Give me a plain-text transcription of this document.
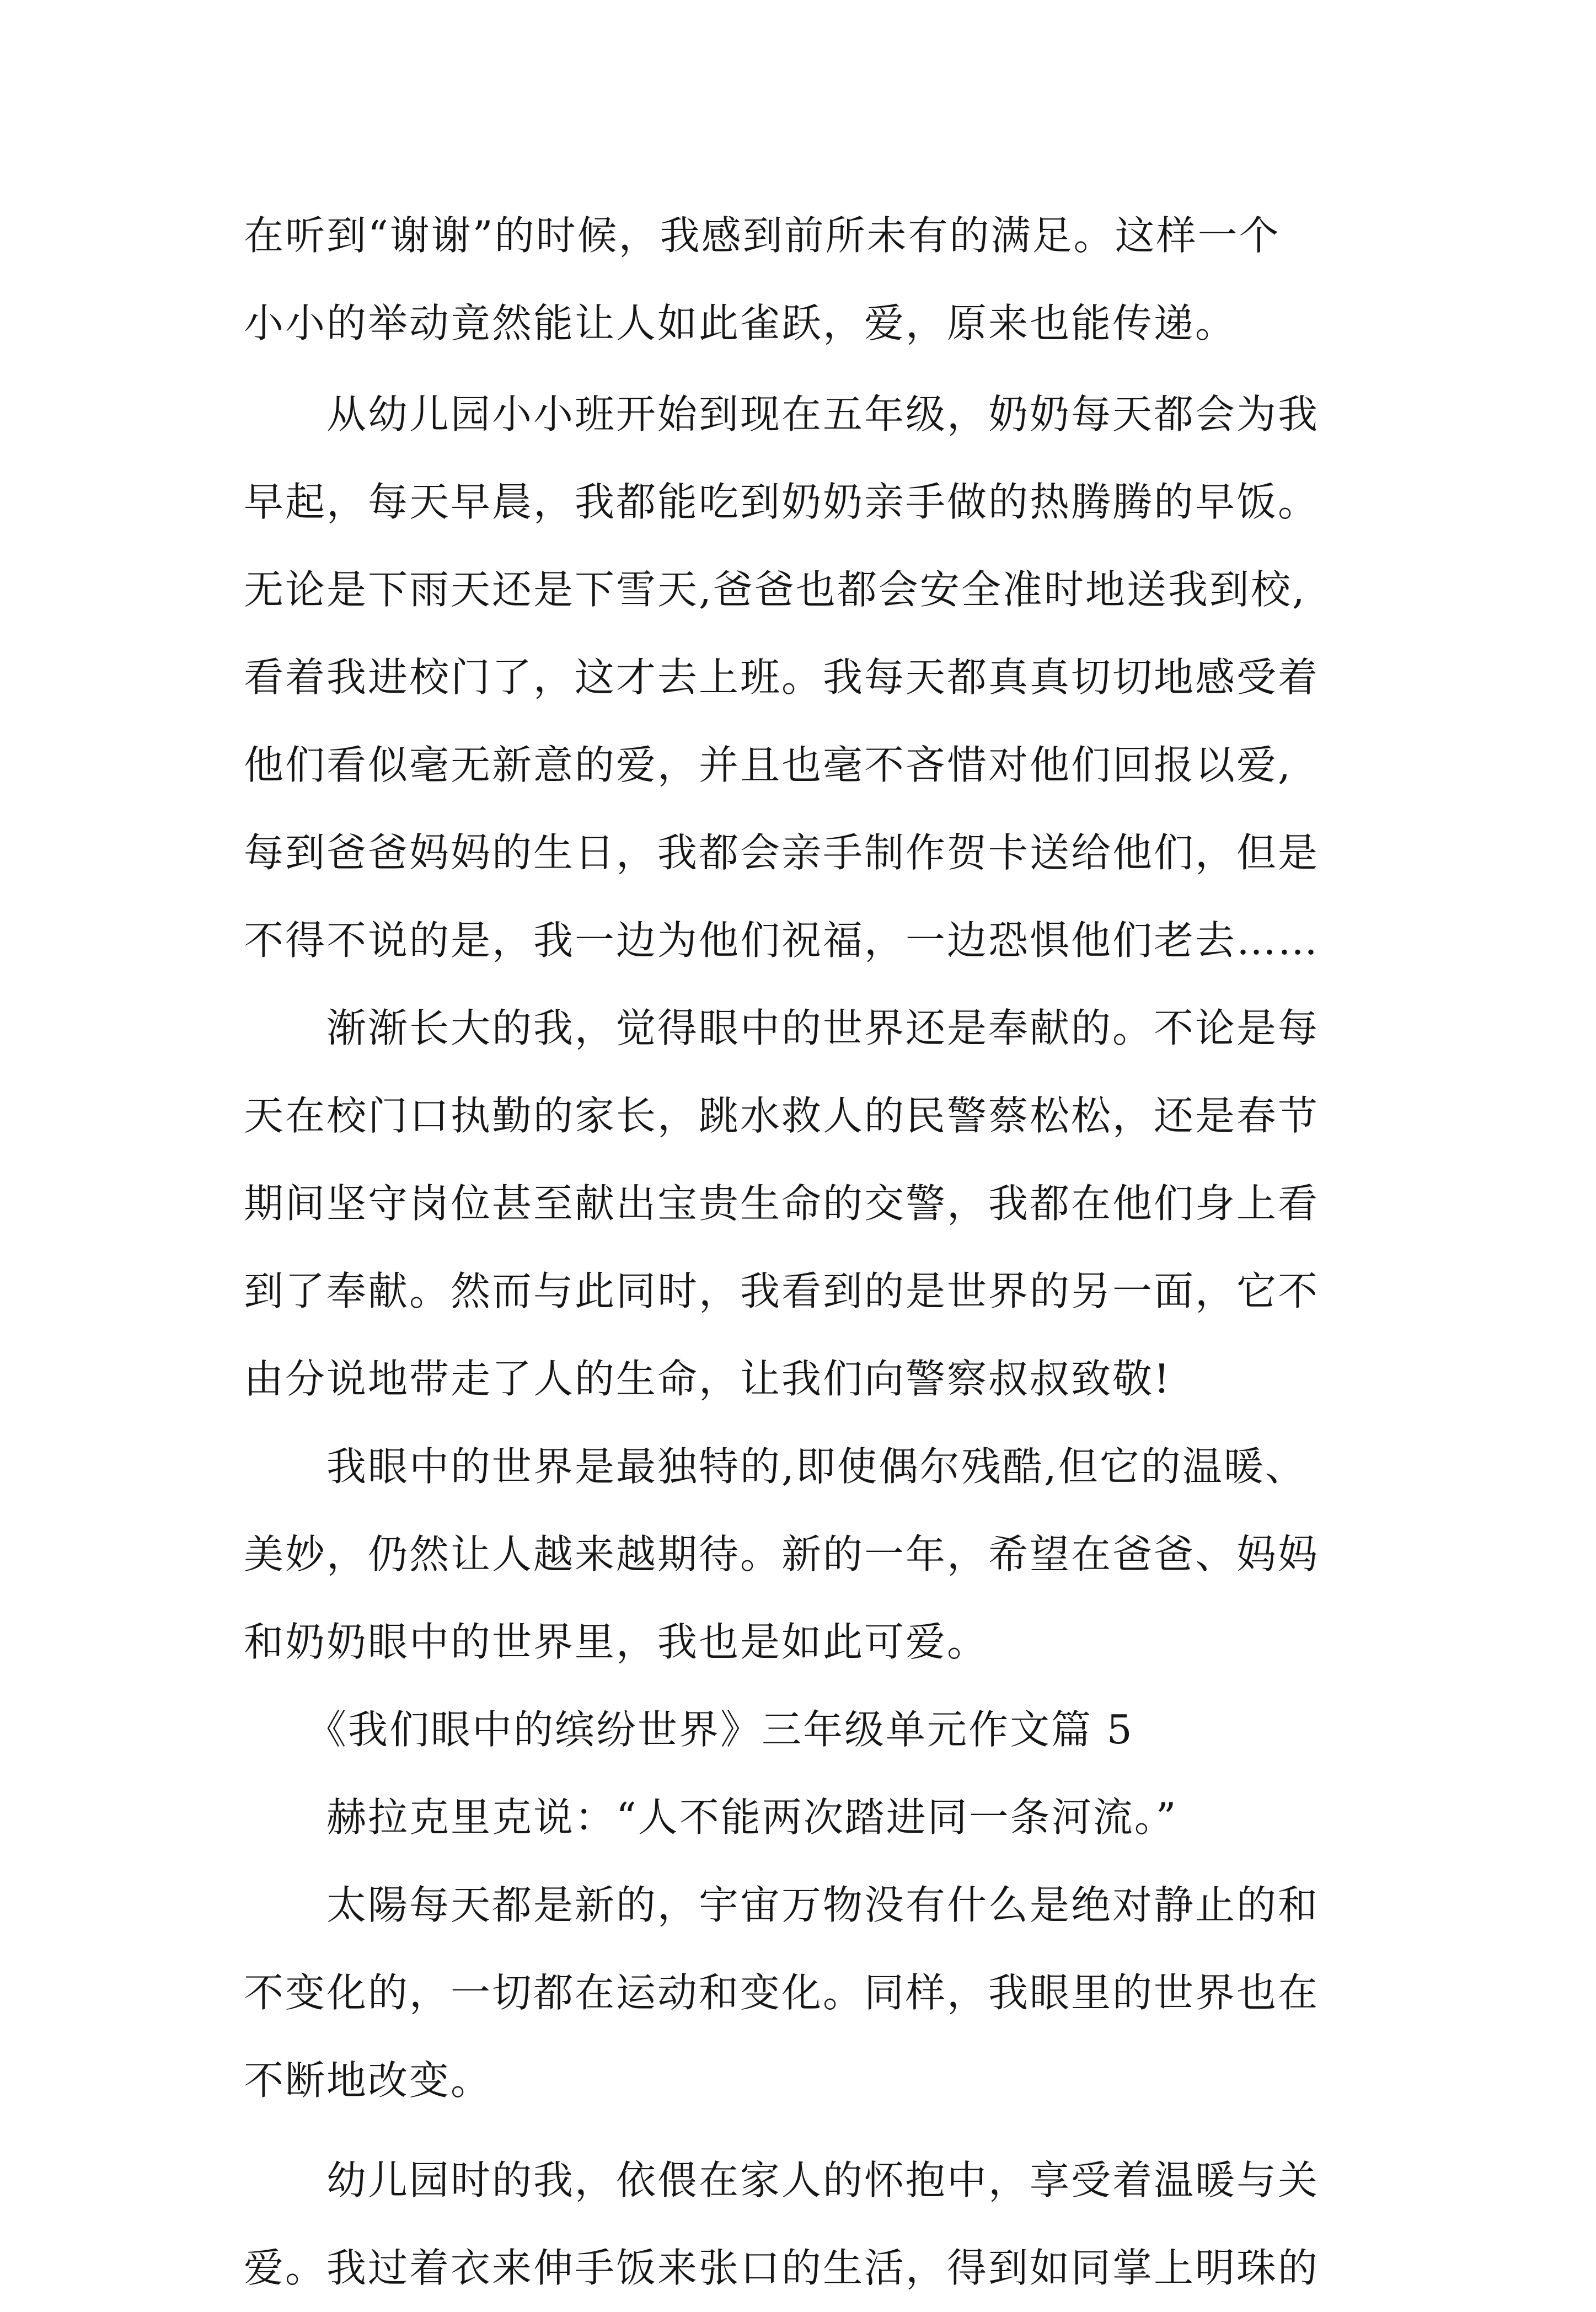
在听到“谢谢”的时候，我感到前所未有的满足。这样一个
小小的举动竟然能让人如此雀跃，爱，原来也能传递。
　　从幼儿园小小班开始到现在五年级，奶奶每天都会为我
早起，每天早晨，我都能吃到奶奶亲手做的热腾腾的早饭。
无论是下雨天还是下雪天,爸爸也都会安全准时地送我到校,
看着我进校门了，这才去上班。我每天都真真切切地感受着
他们看似毫无新意的爱，并且也毫不吝惜对他们回报以爱,
每到爸爸妈妈的生日，我都会亲手制作贺卡送给他们，但是
不得不说的是，我一边为他们祝福，一边恐惧他们老去……
　　渐渐长大的我，觉得眼中的世界还是奉献的。不论是每
天在校门口执勤的家长，跳水救人的民警蔡松松，还是春节
期间坚守岗位甚至献出宝贵生命的交警，我都在他们身上看
到了奉献。然而与此同时，我看到的是世界的另一面，它不
由分说地带走了人的生命，让我们向警察叔叔致敬!
　　我眼中的世界是最独特的,即使偶尔残酷,但它的温暖、
美妙，仍然让人越来越期待。新的一年，希望在爸爸、妈妈
和奶奶眼中的世界里，我也是如此可爱。
　　《我们眼中的缤纷世界》三年级单元作文篇 5
　　赫拉克里克说：“人不能两次踏进同一条河流。”
　　太陽每天都是新的，宇宙万物没有什么是绝对静止的和
不变化的，一切都在运动和变化。同样，我眼里的世界也在
不断地改变。
　　幼儿园时的我，依偎在家人的怀抱中，享受着温暖与关
爱。我过着衣来伸手饭来张口的生活，得到如同掌上明珠的
